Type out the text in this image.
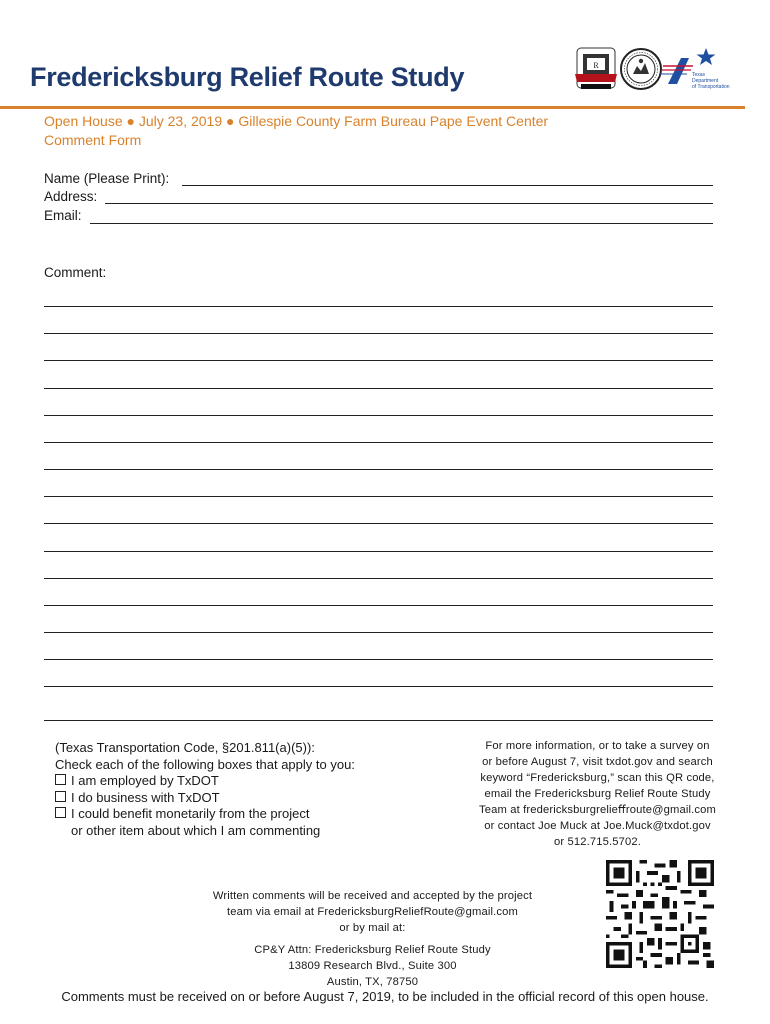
Fredericksburg Relief Route Study	R
Texas
Department
of Transportation
Open House ● July 23, 2019 ● Gillespie County Farm Bureau Pape Event Center
Comment Form
Name (Please Print):
Address:
Email:
Comment:
(Texas Transportation Code, §201.811(a)(5)):
Check each of the following boxes that apply to you:
I am employed by TxDOT
I do business with TxDOT
I could benefit monetarily from the project
or other item about which I am commenting
For more information, or to take a survey on
or before August 7, visit txdot.gov and search
keyword “Fredericksburg,” scan this QR code,
email the Fredericksburg Relief Route Study
Team at fredericksburgrelieﬀroute@gmail.com
or contact Joe Muck at Joe.Muck@txdot.gov
or 512.715.5702.
Written comments will be received and accepted by the project
team via email at FredericksburgReliefRoute@gmail.com
or by mail at:
CP&Y Attn: Fredericksburg Relief Route Study
13809 Research Blvd., Suite 300
Austin, TX, 78750
Comments must be received on or before August 7, 2019, to be included in the official record of this open house.
